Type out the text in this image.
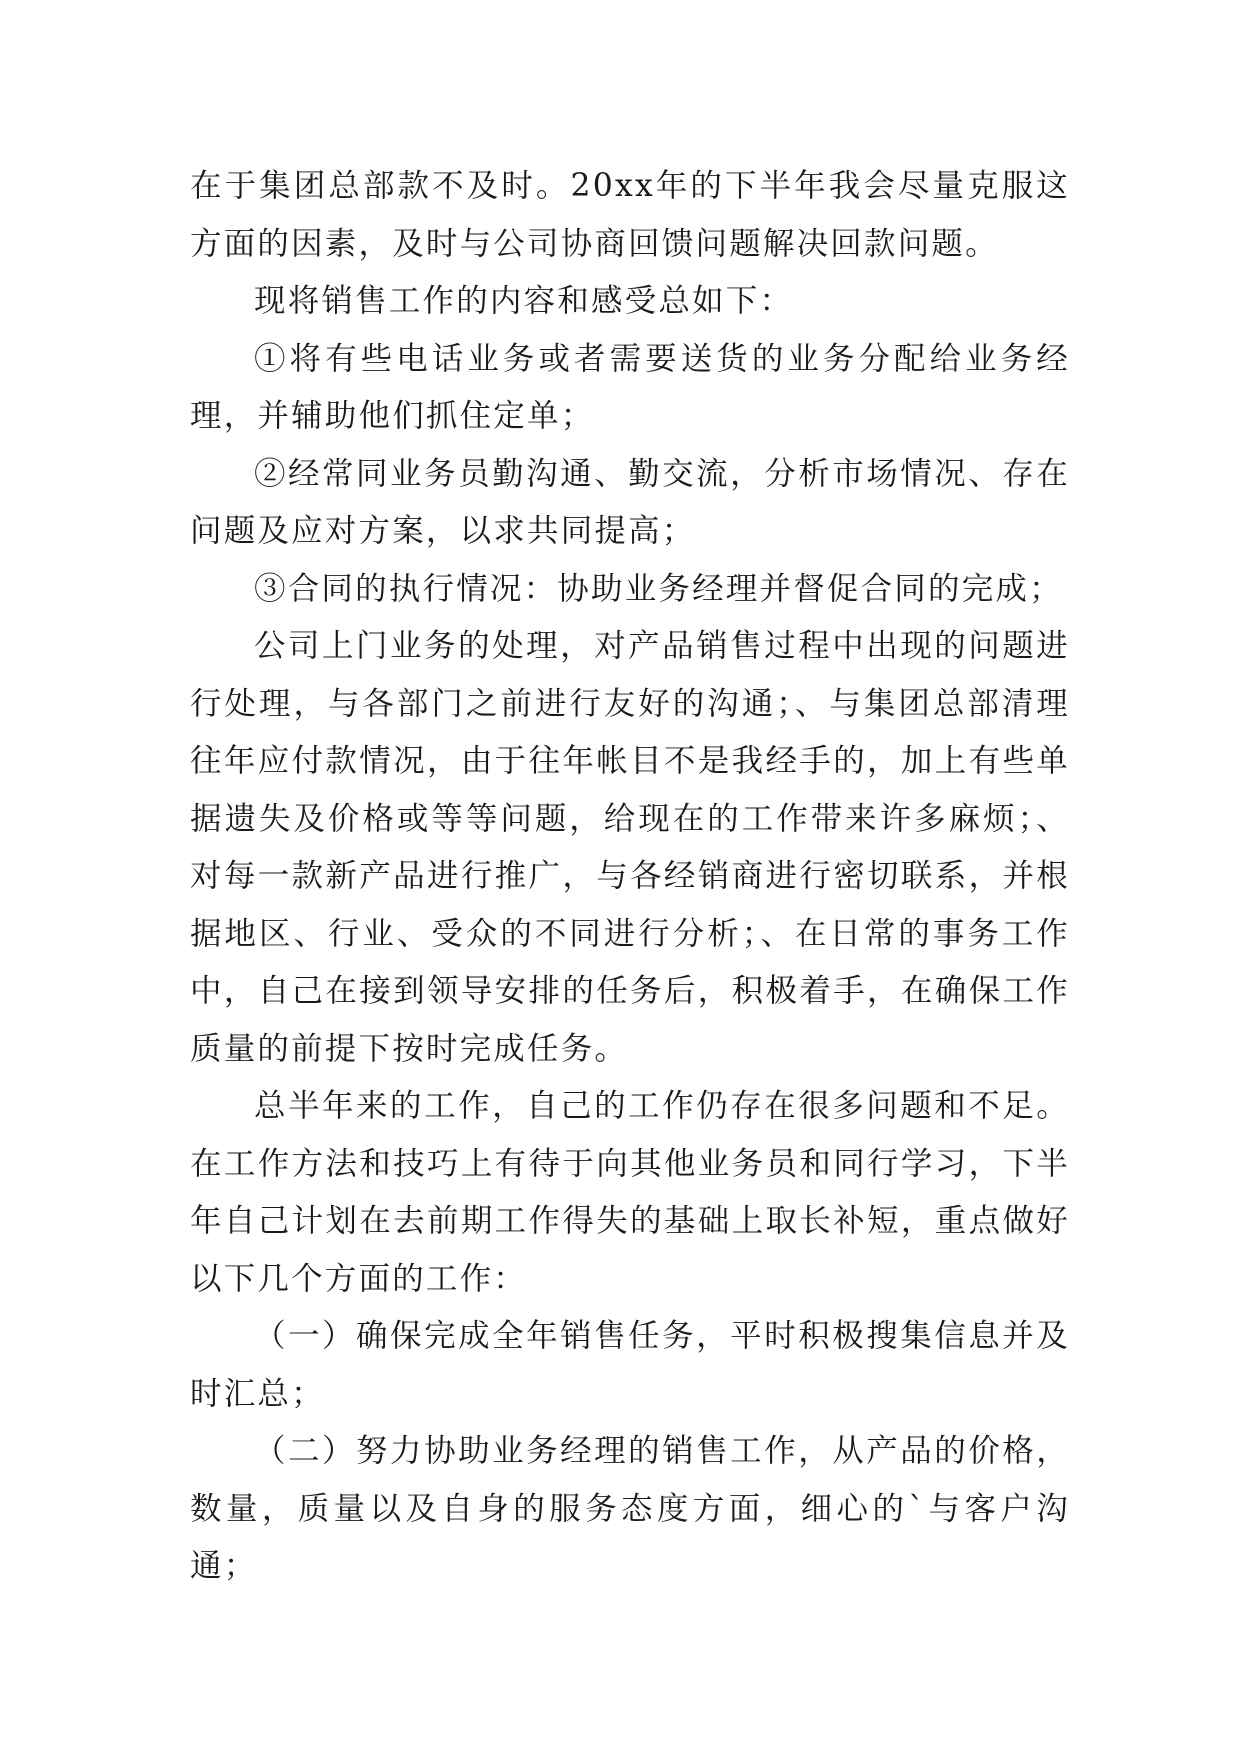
在于集团总部款不及时。20xx年的下半年我会尽量克服这方面的因素，及时与公司协商回馈问题解决回款问题。

现将销售工作的内容和感受总如下：

①将有些电话业务或者需要送货的业务分配给业务经理，并辅助他们抓住定单；

②经常同业务员勤沟通、勤交流，分析市场情况、存在问题及应对方案，以求共同提高；

③合同的执行情况：协助业务经理并督促合同的完成；

公司上门业务的处理，对产品销售过程中出现的问题进行处理，与各部门之前进行友好的沟通；、与集团总部清理往年应付款情况，由于往年帐目不是我经手的，加上有些单据遗失及价格或等等问题，给现在的工作带来许多麻烦；、对每一款新产品进行推广，与各经销商进行密切联系，并根据地区、行业、受众的不同进行分析；、在日常的事务工作中，自己在接到领导安排的任务后，积极着手，在确保工作质量的前提下按时完成任务。

总半年来的工作，自己的工作仍存在很多问题和不足。在工作方法和技巧上有待于向其他业务员和同行学习，下半年自己计划在去前期工作得失的基础上取长补短，重点做好以下几个方面的工作：

（一）确保完成全年销售任务，平时积极搜集信息并及时汇总；

（二）努力协助业务经理的销售工作，从产品的价格，数量，质量以及自身的服务态度方面，细心的`与客户沟通；
